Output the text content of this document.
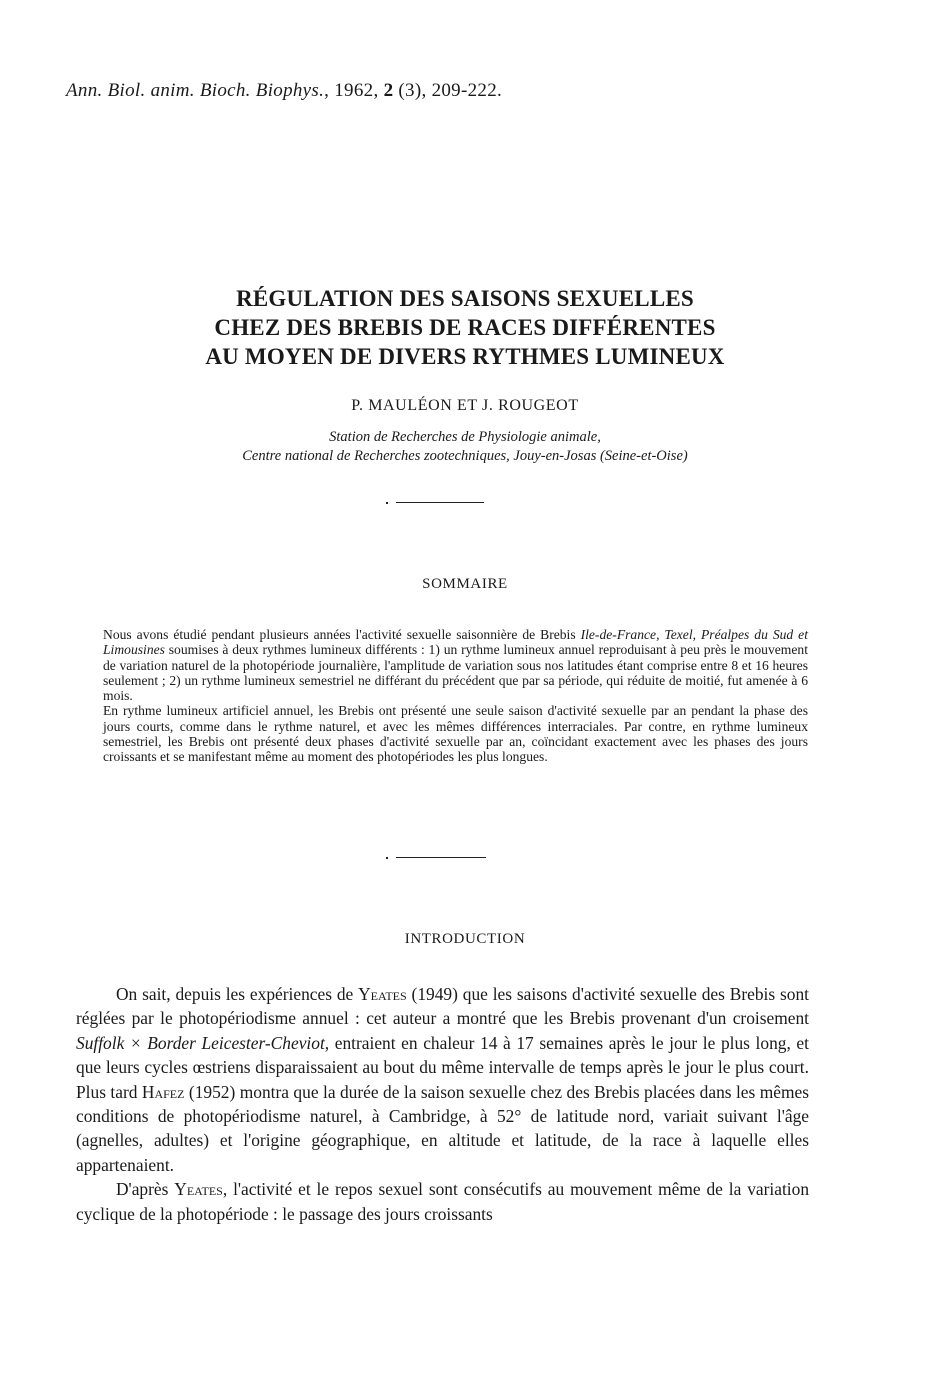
Ann. Biol. anim. Bioch. Biophys., 1962, 2 (3), 209-222.
RÉGULATION DES SAISONS SEXUELLES
CHEZ DES BREBIS DE RACES DIFFÉRENTES
AU MOYEN DE DIVERS RYTHMES LUMINEUX
P. MAULÉON ET J. ROUGEOT
Station de Recherches de Physiologie animale,
Centre national de Recherches zootechniques, Jouy-en-Josas (Seine-et-Oise)
SOMMAIRE

Nous avons étudié pendant plusieurs années l'activité sexuelle saisonnière de Brebis Ile-de-France, Texel, Préalpes du Sud et Limousines soumises à deux rythmes lumineux différents : 1) un rythme lumineux annuel reproduisant à peu près le mouvement de variation naturel de la photopériode journalière, l'amplitude de variation sous nos latitudes étant comprise entre 8 et 16 heures seulement ; 2) un rythme lumineux semestriel ne différant du précédent que par sa période, qui réduite de moitié, fut amenée à 6 mois.

En rythme lumineux artificiel annuel, les Brebis ont présenté une seule saison d'activité sexuelle par an pendant la phase des jours courts, comme dans le rythme naturel, et avec les mêmes différences interraciales. Par contre, en rythme lumineux semestriel, les Brebis ont présenté deux phases d'activité sexuelle par an, coïncidant exactement avec les phases des jours croissants et se manifestant même au moment des photopériodes les plus longues.

INTRODUCTION

On sait, depuis les expériences de Yeates (1949) que les saisons d'activité sexuelle des Brebis sont réglées par le photopériodisme annuel : cet auteur a montré que les Brebis provenant d'un croisement Suffolk × Border Leicester-Cheviot, entraient en chaleur 14 à 17 semaines après le jour le plus long, et que leurs cycles œstriens disparaissaient au bout du même intervalle de temps après le jour le plus court. Plus tard Hafez (1952) montra que la durée de la saison sexuelle chez des Brebis placées dans les mêmes conditions de photopériodisme naturel, à Cambridge, à 52° de latitude nord, variait suivant l'âge (agnelles, adultes) et l'origine géographique, en altitude et latitude, de la race à laquelle elles appartenaient.

D'après Yeates, l'activité et le repos sexuel sont consécutifs au mouvement même de la variation cyclique de la photopériode : le passage des jours croissants
